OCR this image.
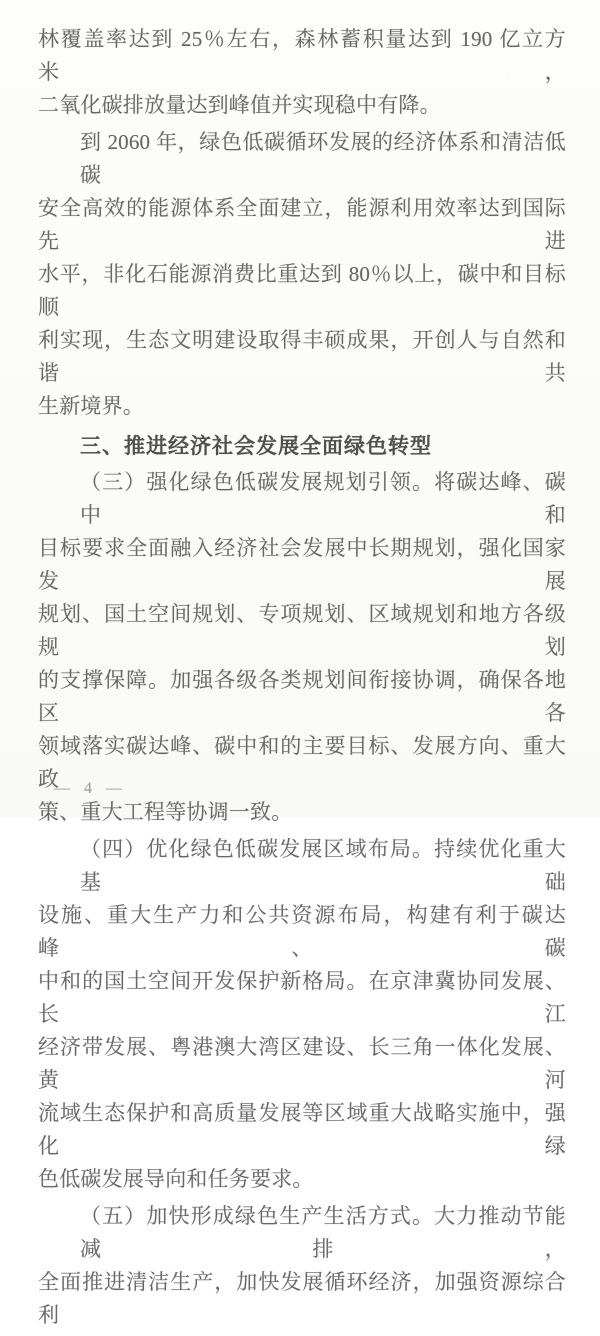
林覆盖率达到 25％左右，森林蓄积量达到 190 亿立方米，
二氧化碳排放量达到峰值并实现稳中有降。
到 2060 年，绿色低碳循环发展的经济体系和清洁低碳
安全高效的能源体系全面建立，能源利用效率达到国际先进
水平，非化石能源消费比重达到 80％以上，碳中和目标顺
利实现，生态文明建设取得丰硕成果，开创人与自然和谐共
生新境界。
三、推进经济社会发展全面绿色转型
（三）强化绿色低碳发展规划引领。将碳达峰、碳中和
目标要求全面融入经济社会发展中长期规划，强化国家发展
规划、国土空间规划、专项规划、区域规划和地方各级规划
的支撑保障。加强各级各类规划间衔接协调，确保各地区各
领域落实碳达峰、碳中和的主要目标、发展方向、重大政
策、重大工程等协调一致。
（四）优化绿色低碳发展区域布局。持续优化重大基础
设施、重大生产力和公共资源布局，构建有利于碳达峰、碳
中和的国土空间开发保护新格局。在京津冀协同发展、长江
经济带发展、粤港澳大湾区建设、长三角一体化发展、黄河
流域生态保护和高质量发展等区域重大战略实施中，强化绿
色低碳发展导向和任务要求。
（五）加快形成绿色生产生活方式。大力推动节能减排，
全面推进清洁生产，加快发展循环经济，加强资源综合利
— 4 —
